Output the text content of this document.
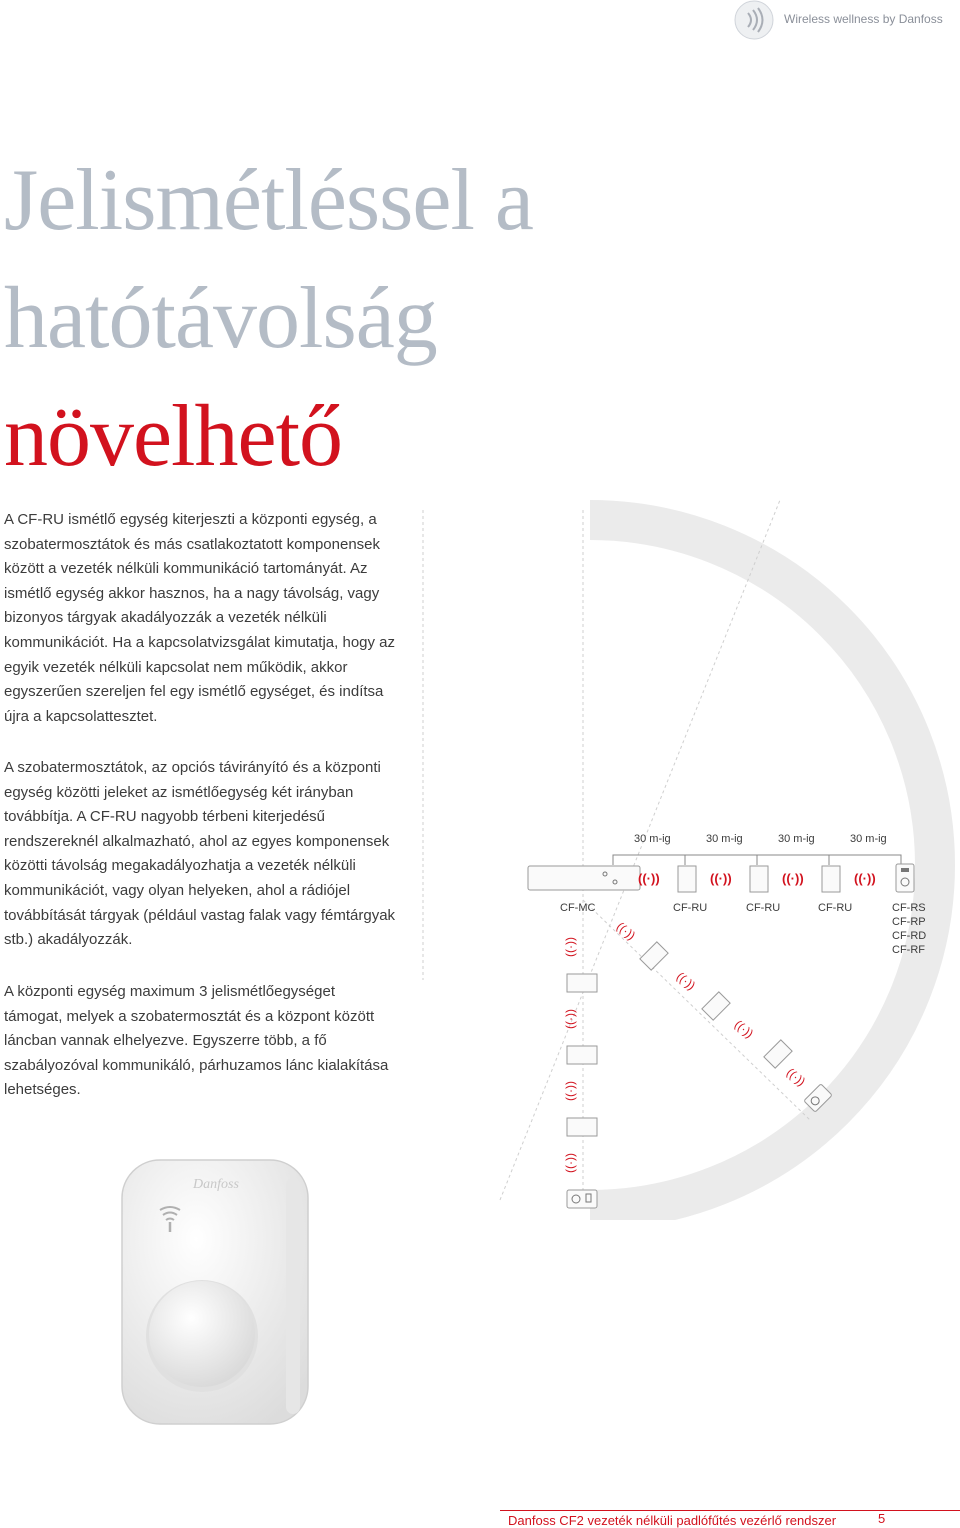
Wireless wellness by Danfoss
Jelismétléssel a
hatótávolság
növelhető

A CF-RU ismétlő egység kiterjeszti a központi egység, a szobatermosztátok és más csatlakoztatott komponensek között a vezeték nélküli kommunikáció tartományát. Az ismétlő egység akkor hasznos, ha a nagy távolság, vagy bizonyos tárgyak akadályozzák a vezeték nélküli kommunikációt. Ha a kapcsolatvizsgálat kimutatja, hogy az egyik vezeték nélküli kapcsolat nem működik, akkor egyszerűen szereljen fel egy ismétlő egységet, és indítsa újra a kapcsolattesztet.

A szobatermosztátok, az opciós távirányító és a központi egység közötti jeleket az ismétlőegység két irányban továbbítja. A CF-RU nagyobb térbeni kiterjedésű rendszereknél alkalmazható, ahol az egyes komponensek közötti távolság megakadályozhatja a vezeték nélküli kommunikációt, vagy olyan helyeken, ahol a rádiójel továbbítását tárgyak (például vastag falak vagy fémtárgyak stb.) akadályozzák.

A központi egység maximum 3 jelismétlőegységet támogat, melyek a szobatermosztát és a központ között láncban vannak elhelyezve. Egyszerre több, a fő szabályozóval kommunikáló, párhuzamos lánc kialakítása lehetséges.

30 m-ig	30 m-ig	30 m-ig	30 m-ig
((·))	((·))	((·))	((·))
((·))
((·))
((·))
((·))
((·))
((·))
((·))
((·))
CF-MC	CF-RU	CF-RU	CF-RU	CF-RS
CF-RP
CF-RD
CF-RF
Danfoss
Danfoss CF2 vezeték nélküli padlófűtés vezérlő rendszer	5
